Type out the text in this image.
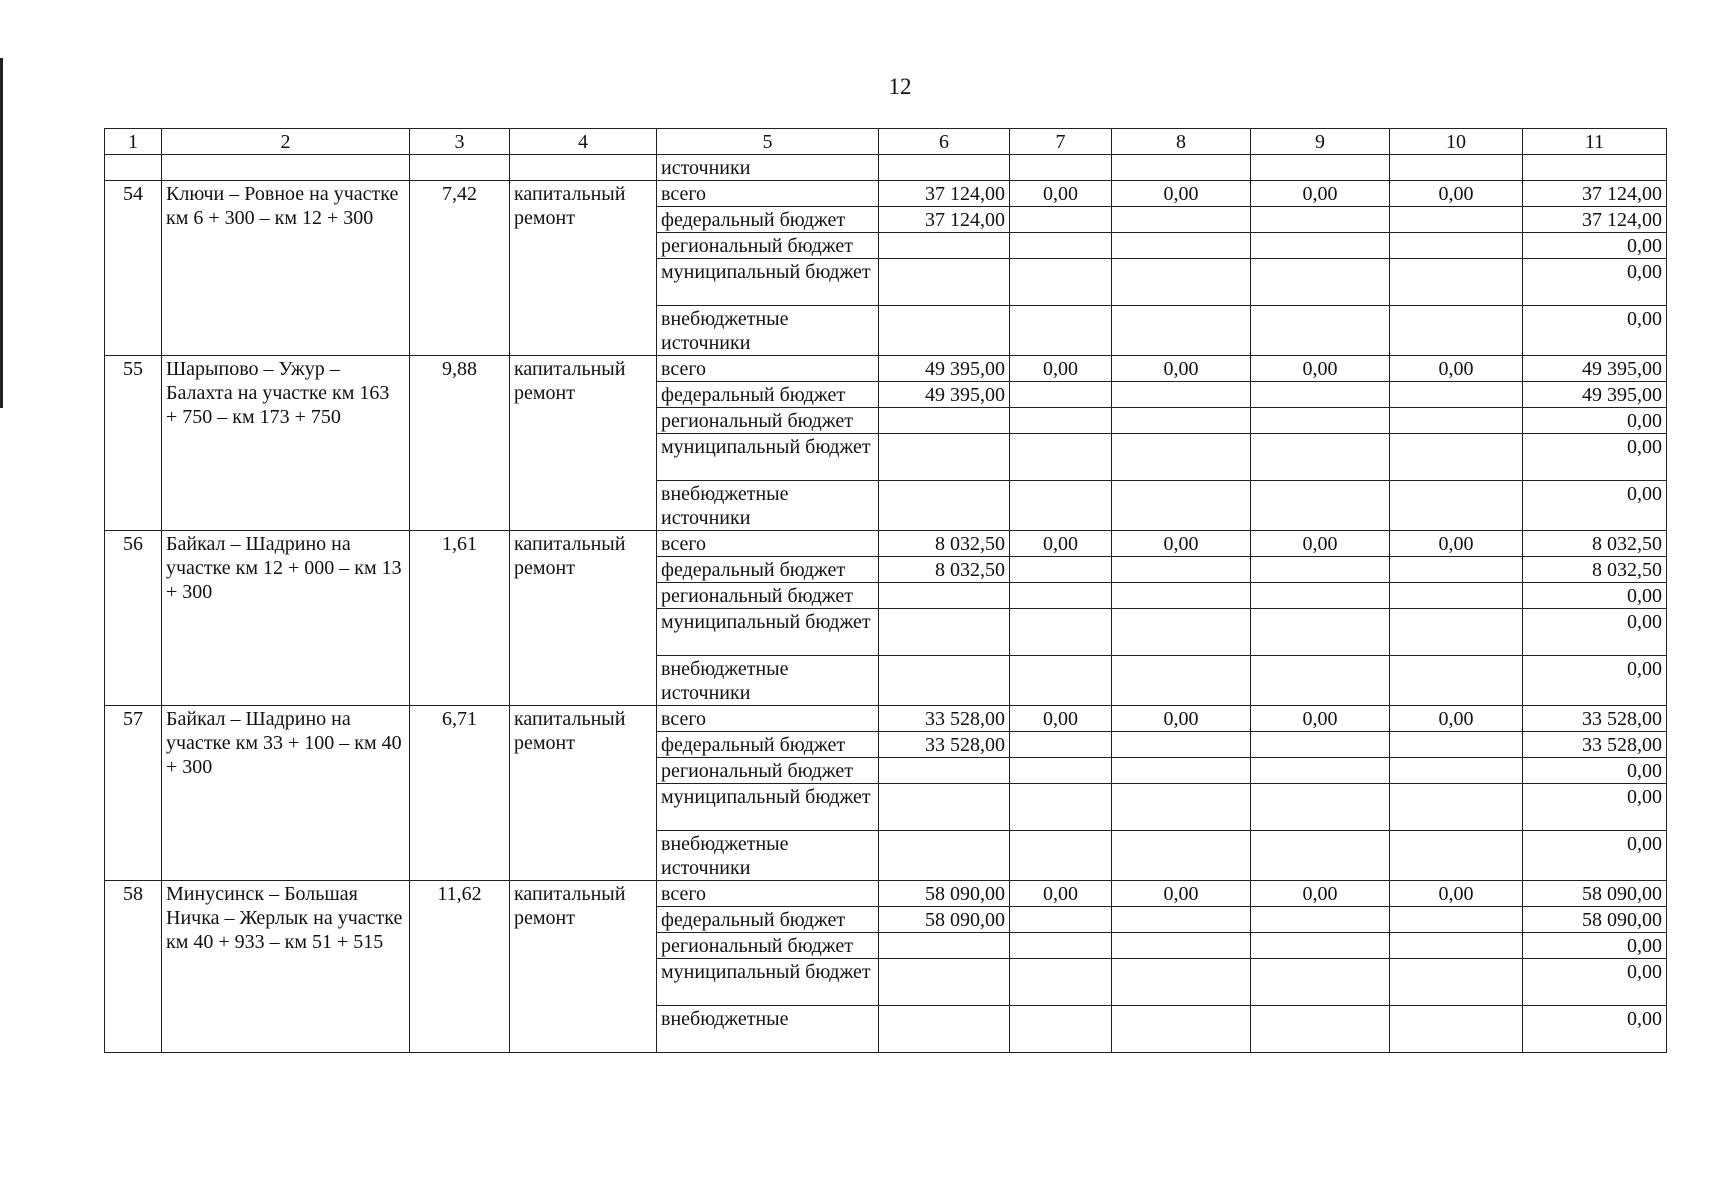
12
1	2	3	4	5	6	7	8	9	10	11
				источники						
54	Ключи – Ровное на участке км 6 + 300 – км 12 + 300	7,42	капитальный ремонт	всего	37 124,00	0,00	0,00	0,00	0,00	37 124,00
				федеральный бюджет	37 124,00					37 124,00
				региональный бюджет						0,00
				муниципальный бюджет						0,00
				внебюджетные источники						0,00
55	Шарыпово – Ужур – Балахта на участке км 163 + 750 – км 173 + 750	9,88	капитальный ремонт	всего	49 395,00	0,00	0,00	0,00	0,00	49 395,00
				федеральный бюджет	49 395,00					49 395,00
				региональный бюджет						0,00
				муниципальный бюджет						0,00
				внебюджетные источники						0,00
56	Байкал – Шадрино на участке км 12 + 000 – км 13 + 300	1,61	капитальный ремонт	всего	8 032,50	0,00	0,00	0,00	0,00	8 032,50
				федеральный бюджет	8 032,50					8 032,50
				региональный бюджет						0,00
				муниципальный бюджет						0,00
				внебюджетные источники						0,00
57	Байкал – Шадрино на участке км 33 + 100 – км 40 + 300	6,71	капитальный ремонт	всего	33 528,00	0,00	0,00	0,00	0,00	33 528,00
				федеральный бюджет	33 528,00					33 528,00
				региональный бюджет						0,00
				муниципальный бюджет						0,00
				внебюджетные источники						0,00
58	Минусинск – Большая Ничка – Жерлык на участке км 40 + 933 – км 51 + 515	11,62	капитальный ремонт	всего	58 090,00	0,00	0,00	0,00	0,00	58 090,00
				федеральный бюджет	58 090,00					58 090,00
				региональный бюджет						0,00
				муниципальный бюджет						0,00
				внебюджетные						0,00
